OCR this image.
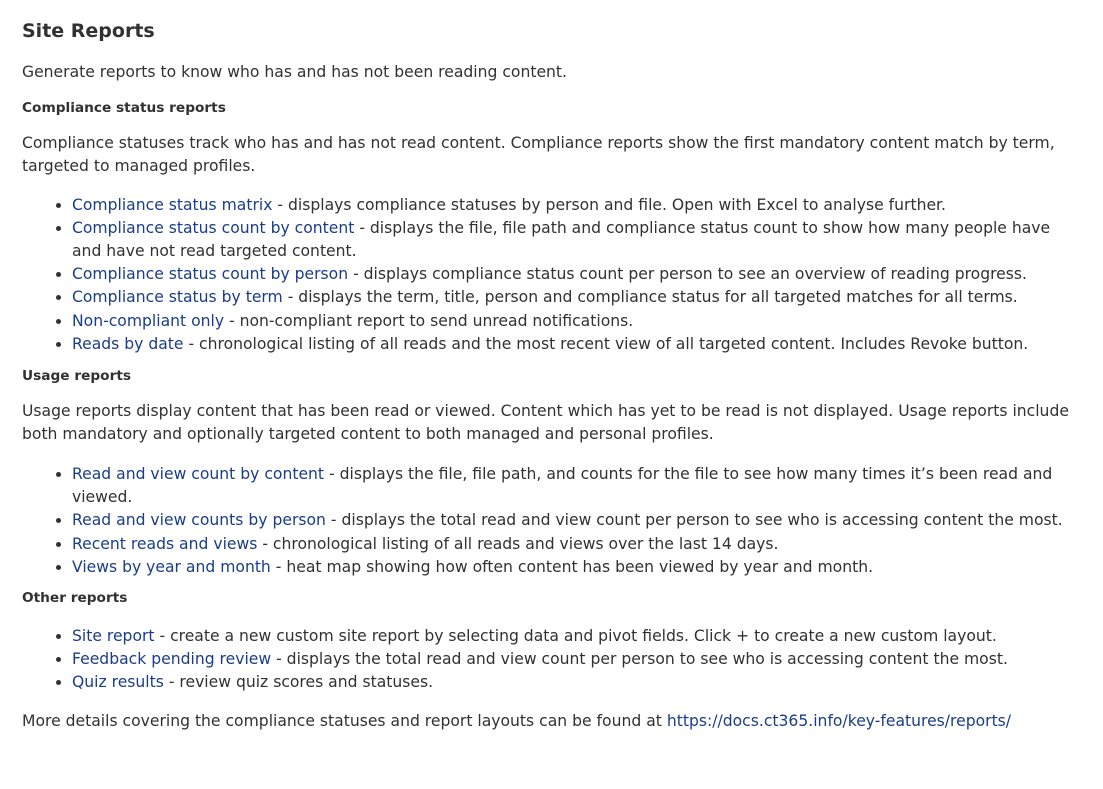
Site Reports

Generate reports to know who has and has not been reading content.

Compliance status reports

Compliance statuses track who has and has not read content. Compliance reports show the first mandatory content match by term, targeted to managed profiles.

• Compliance status matrix - displays compliance statuses by person and file. Open with Excel to analyse further.
• Compliance status count by content - displays the file, file path and compliance status count to show how many people have and have not read targeted content.
• Compliance status count by person - displays compliance status count per person to see an overview of reading progress.
• Compliance status by term - displays the term, title, person and compliance status for all targeted matches for all terms.
• Non-compliant only - non-compliant report to send unread notifications.
• Reads by date - chronological listing of all reads and the most recent view of all targeted content. Includes Revoke button.
Usage reports

Usage reports display content that has been read or viewed. Content which has yet to be read is not displayed. Usage reports include both mandatory and optionally targeted content to both managed and personal profiles.

• Read and view count by content - displays the file, file path, and counts for the file to see how many times it’s been read and viewed.
• Read and view counts by person - displays the total read and view count per person to see who is accessing content the most.
• Recent reads and views - chronological listing of all reads and views over the last 14 days.
• Views by year and month - heat map showing how often content has been viewed by year and month.
Other reports
• Site report - create a new custom site report by selecting data and pivot fields. Click + to create a new custom layout.
• Feedback pending review - displays the total read and view count per person to see who is accessing content the most.
• Quiz results - review quiz scores and statuses.

More details covering the compliance statuses and report layouts can be found at https://docs.ct365.info/key-features/reports/
